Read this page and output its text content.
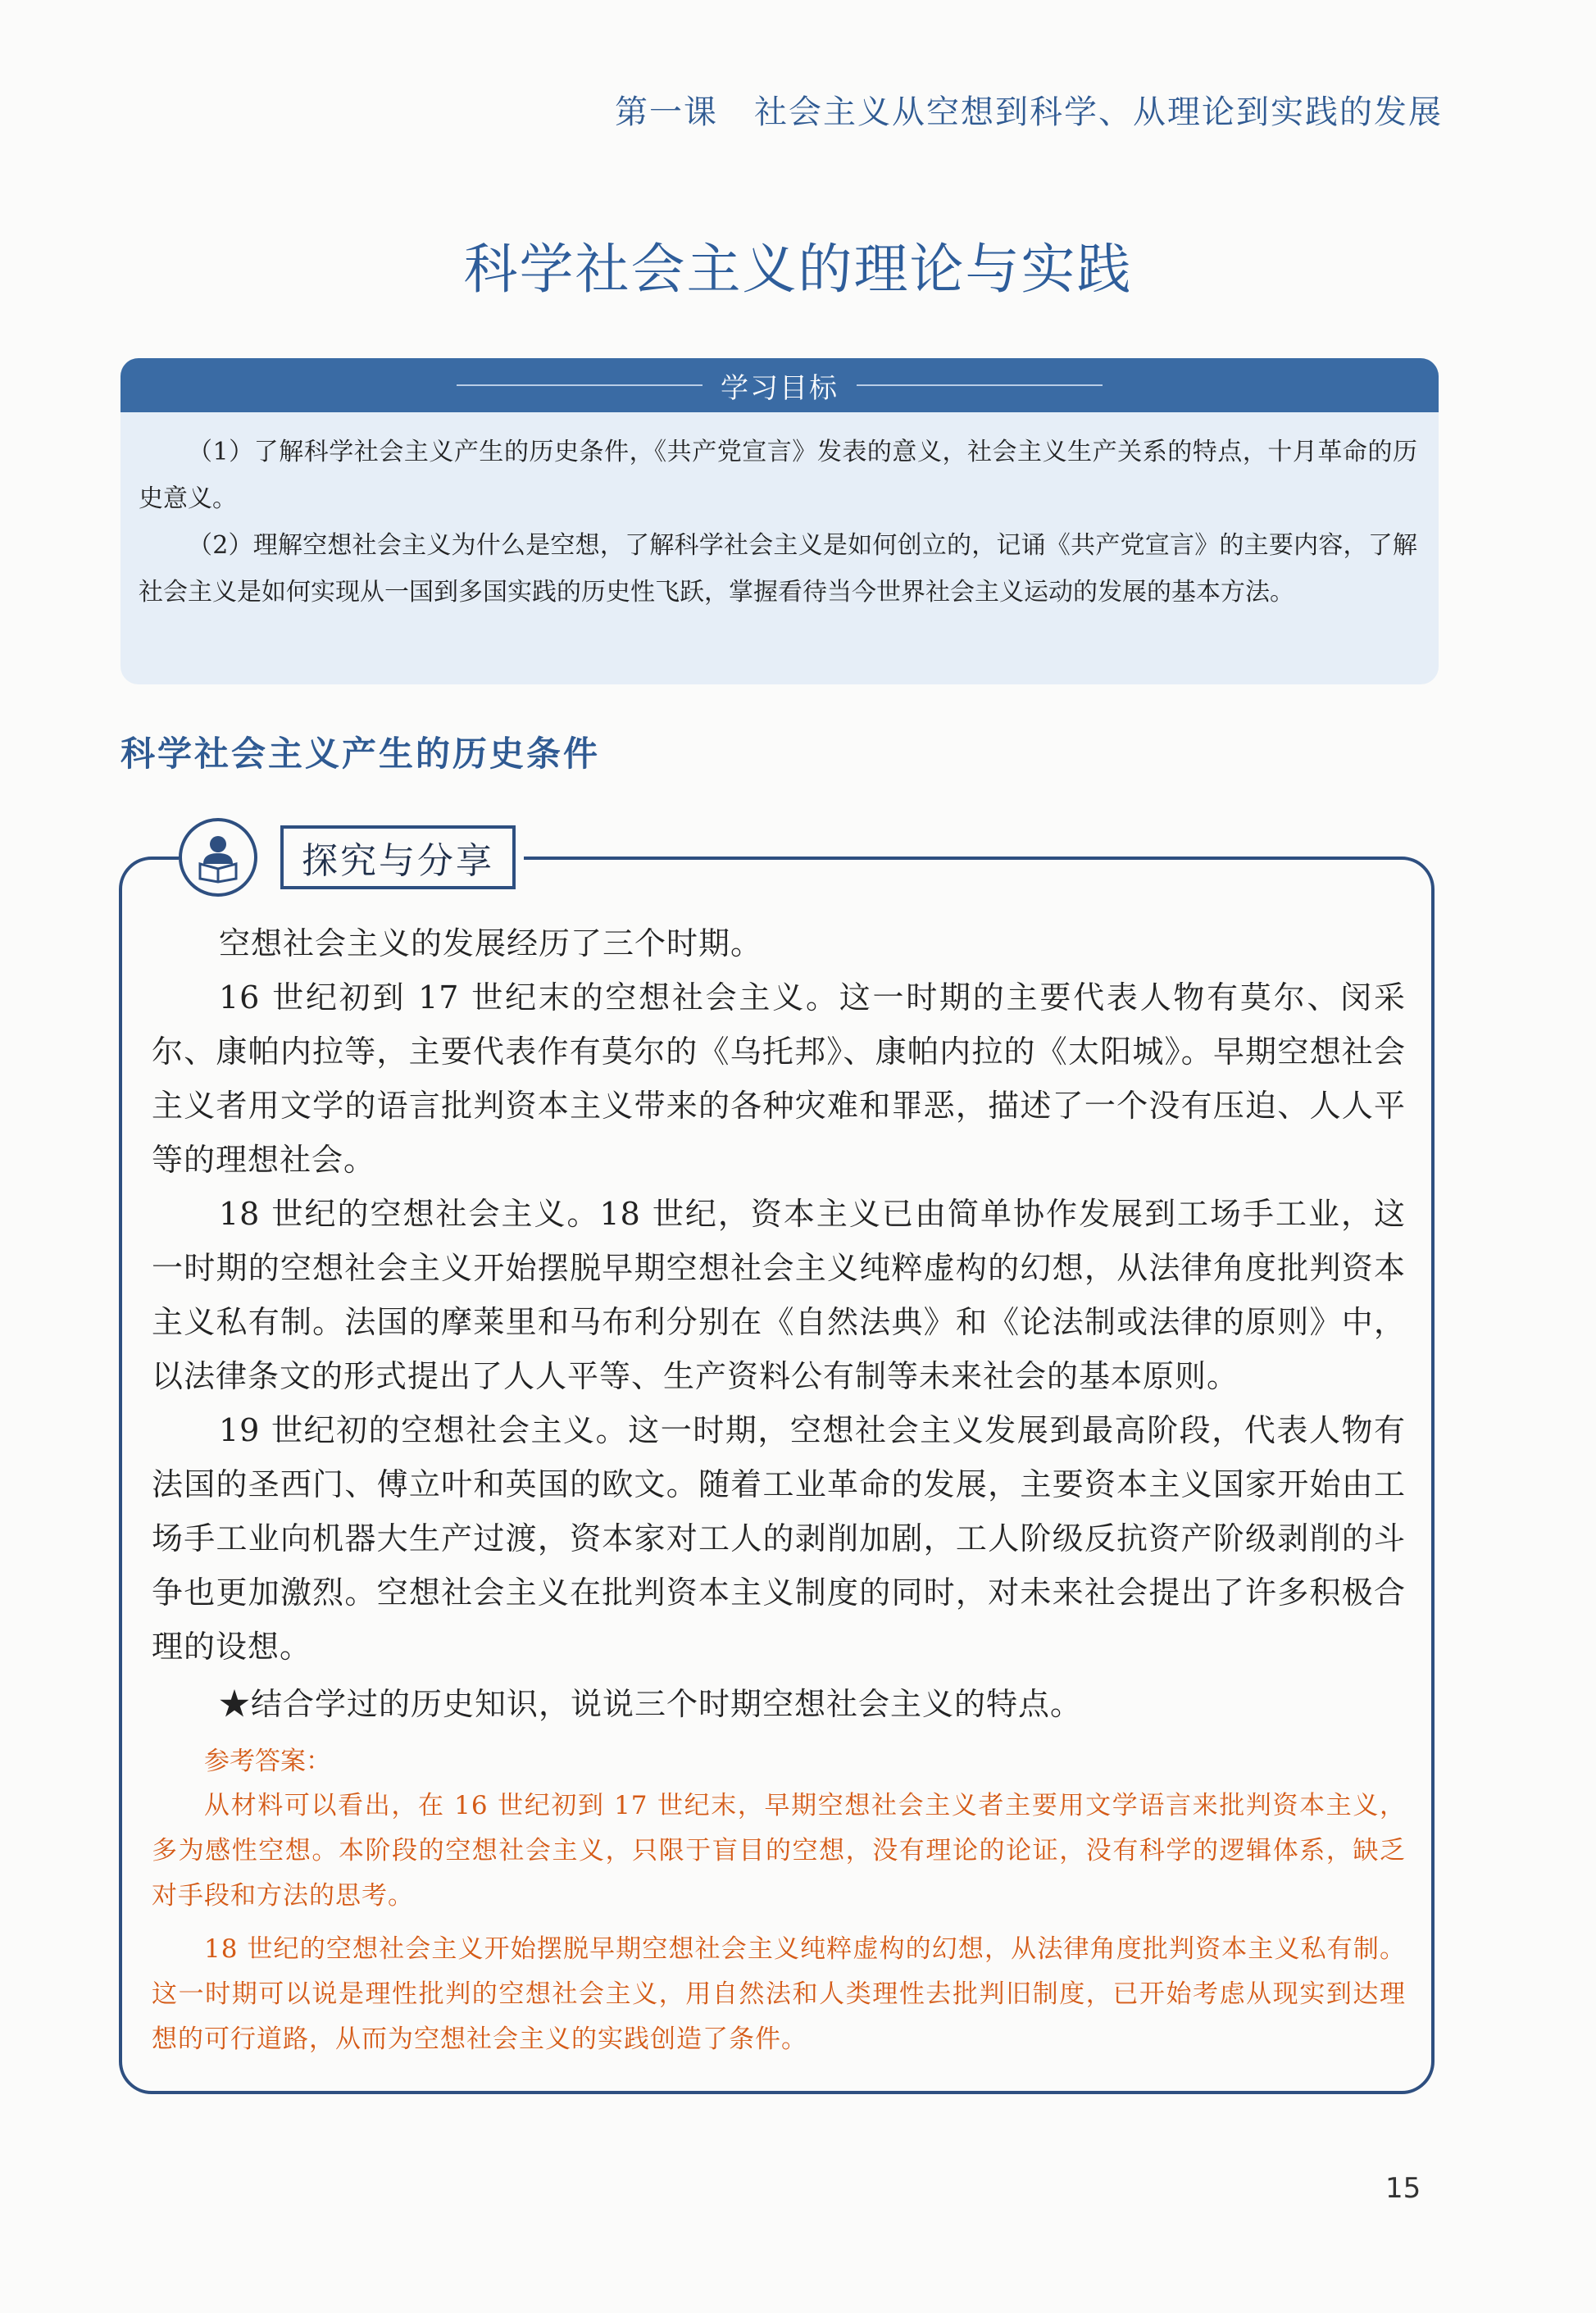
第一课 社会主义从空想到科学、从理论到实践的发展
科学社会主义的理论与实践
学习目标

（1）了解科学社会主义产生的历史条件，《共产党宣言》发表的意义，社会主义生产关系的特点，十月革命的历史意义。

（2）理解空想社会主义为什么是空想，了解科学社会主义是如何创立的，记诵《共产党宣言》的主要内容，了解社会主义是如何实现从一国到多国实践的历史性飞跃，掌握看待当今世界社会主义运动的发展的基本方法。

科学社会主义产生的历史条件
探究与分享

空想社会主义的发展经历了三个时期。

16 世纪初到 17 世纪末的空想社会主义。这一时期的主要代表人物有莫尔、闵采尔、康帕内拉等，主要代表作有莫尔的《乌托邦》、康帕内拉的《太阳城》。早期空想社会主义者用文学的语言批判资本主义带来的各种灾难和罪恶，描述了一个没有压迫、人人平等的理想社会。

18 世纪的空想社会主义。18 世纪，资本主义已由简单协作发展到工场手工业，这一时期的空想社会主义开始摆脱早期空想社会主义纯粹虚构的幻想，从法律角度批判资本主义私有制。法国的摩莱里和马布利分别在《自然法典》和《论法制或法律的原则》中，以法律条文的形式提出了人人平等、生产资料公有制等未来社会的基本原则。

19 世纪初的空想社会主义。这一时期，空想社会主义发展到最高阶段，代表人物有法国的圣西门、傅立叶和英国的欧文。随着工业革命的发展，主要资本主义国家开始由工场手工业向机器大生产过渡，资本家对工人的剥削加剧，工人阶级反抗资产阶级剥削的斗争也更加激烈。空想社会主义在批判资本主义制度的同时，对未来社会提出了许多积极合理的设想。

★结合学过的历史知识，说说三个时期空想社会主义的特点。

参考答案：

从材料可以看出，在 16 世纪初到 17 世纪末，早期空想社会主义者主要用文学语言来批判资本主义，多为感性空想。本阶段的空想社会主义，只限于盲目的空想，没有理论的论证，没有科学的逻辑体系，缺乏对手段和方法的思考。

18 世纪的空想社会主义开始摆脱早期空想社会主义纯粹虚构的幻想，从法律角度批判资本主义私有制。这一时期可以说是理性批判的空想社会主义，用自然法和人类理性去批判旧制度，已开始考虑从现实到达理想的可行道路，从而为空想社会主义的实践创造了条件。

15
